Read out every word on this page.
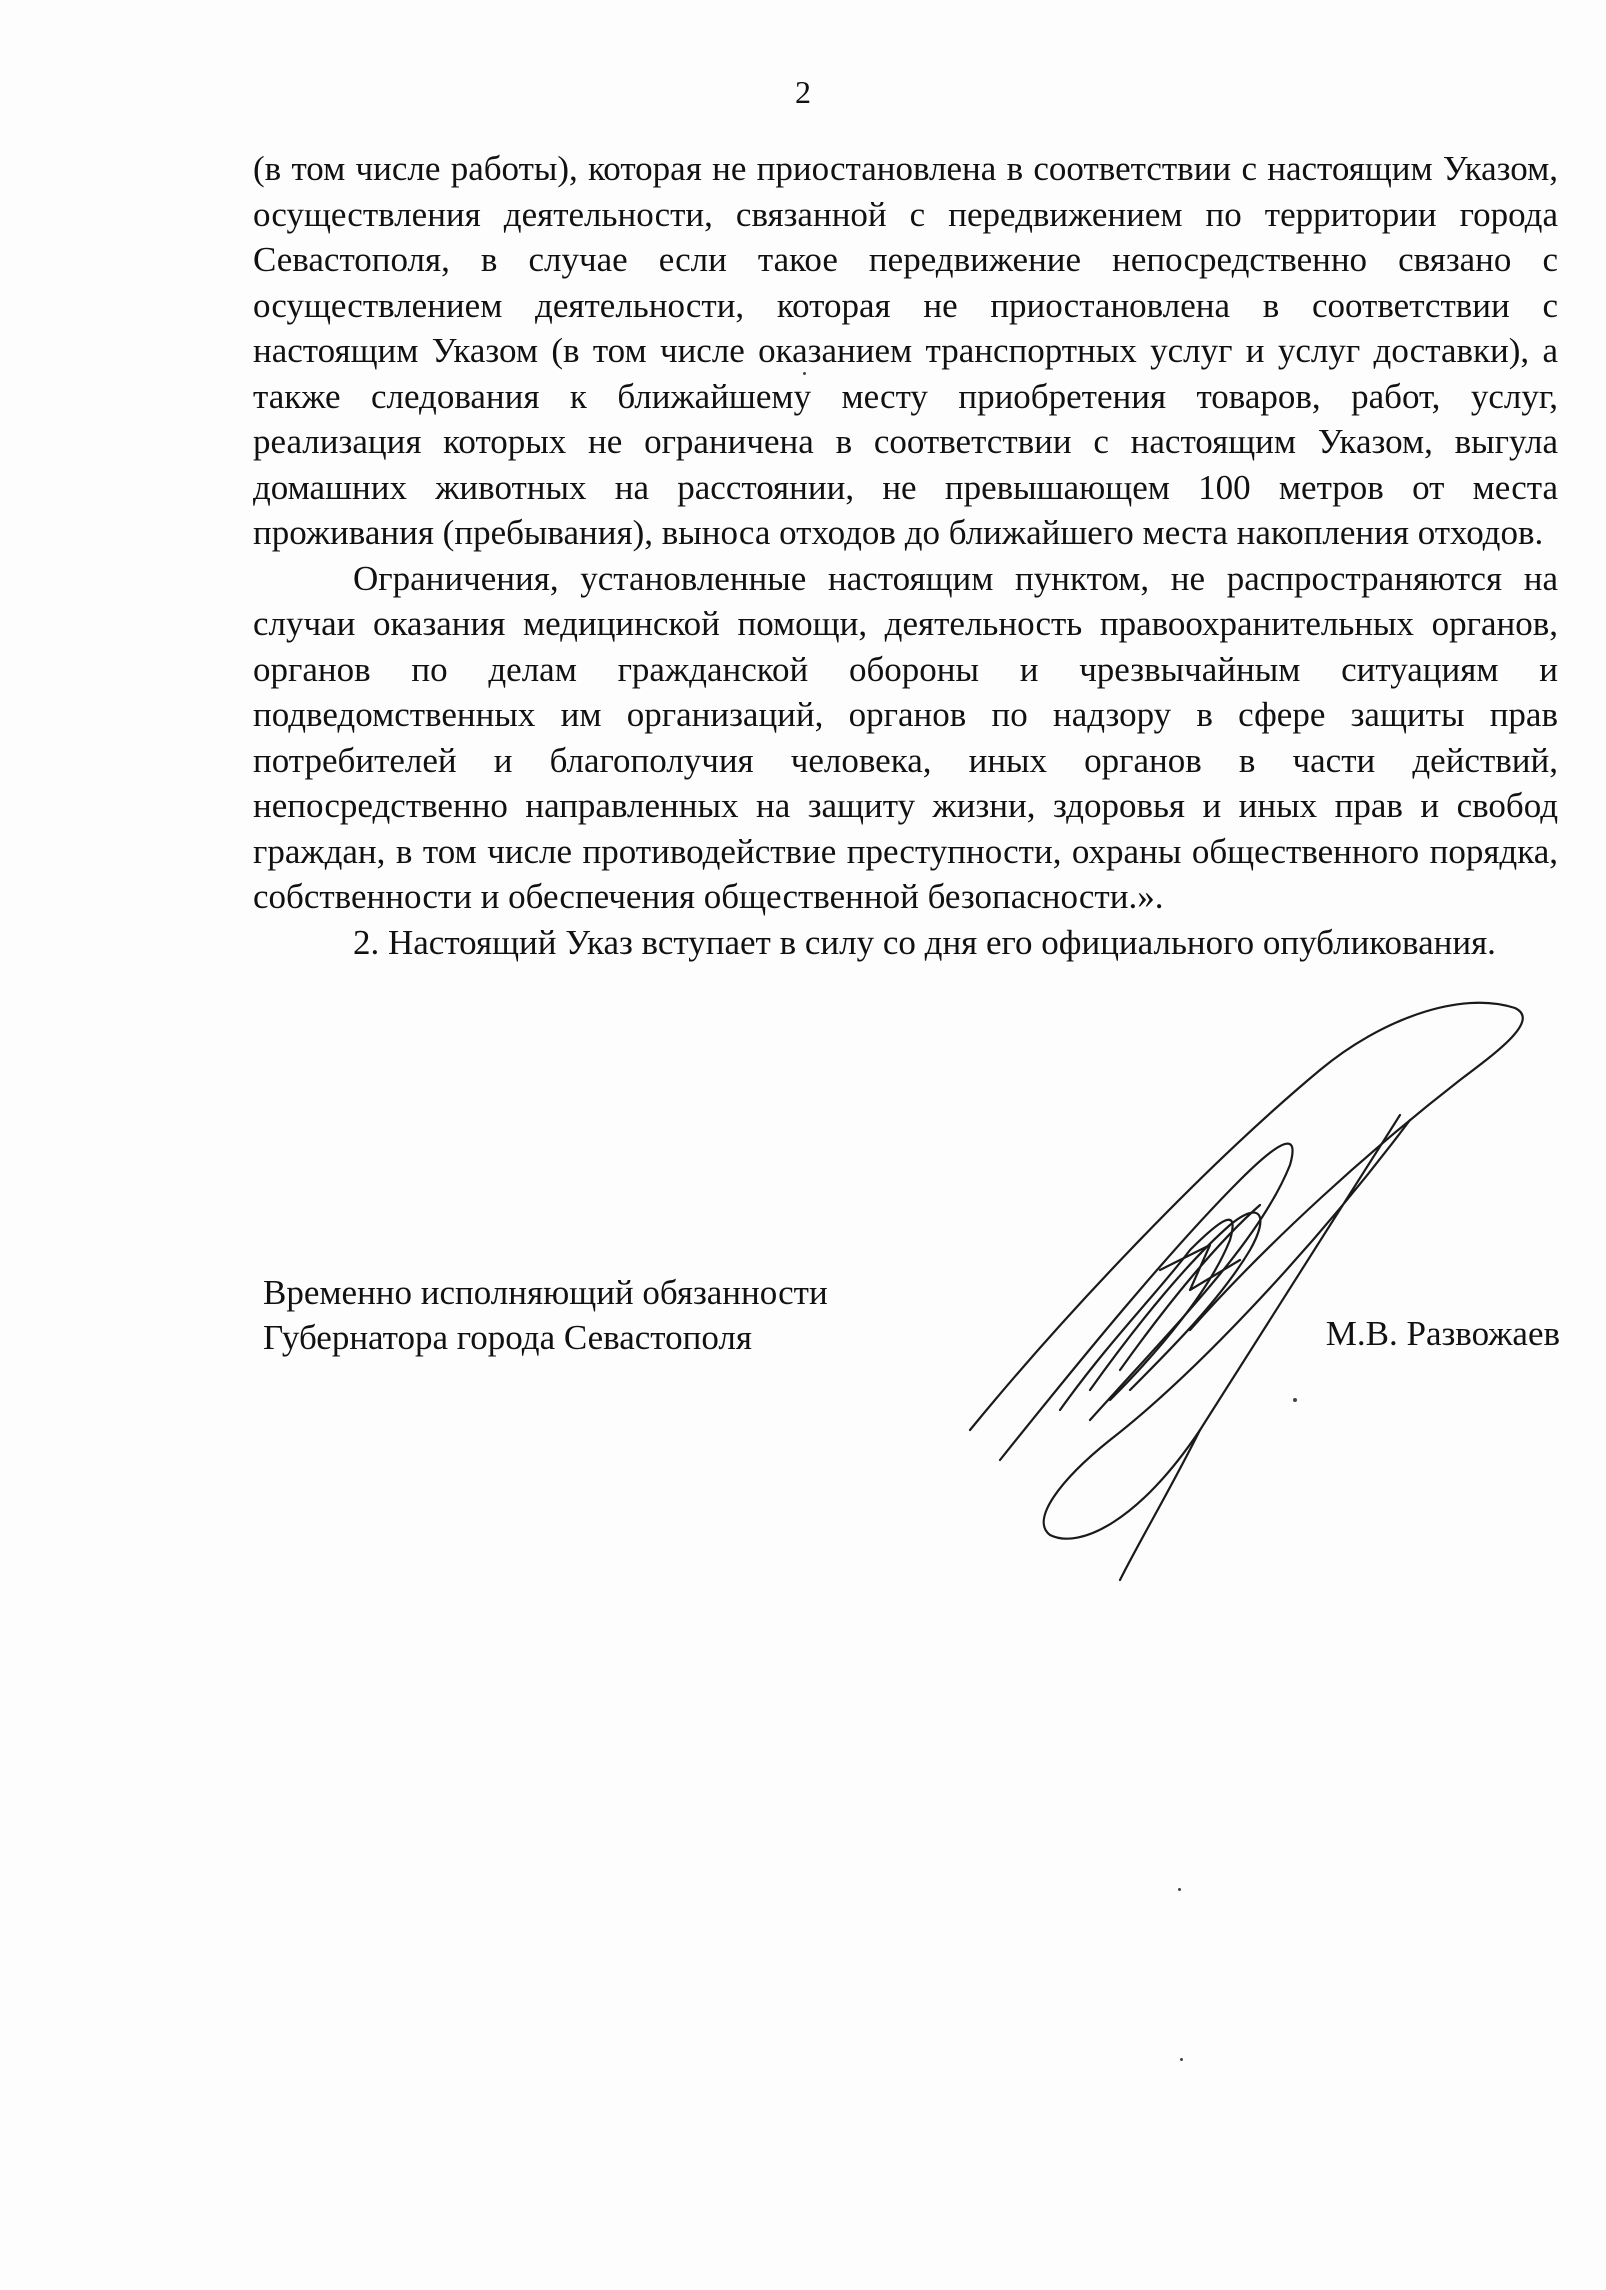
2

(в том числе работы), которая не приостановлена в соответствии с настоящим Указом, осуществления деятельности, связанной с передвижением по территории города Севастополя, в случае если такое передвижение непосредственно связано с осуществлением деятельности, которая не приостановлена в соответствии с настоящим Указом (в том числе оказанием транспортных услуг и услуг доставки), а также следования к ближайшему месту приобретения товаров, работ, услуг, реализация которых не ограничена в соответствии с настоящим Указом, выгула домашних животных на расстоянии, не превышающем 100 метров от места проживания (пребывания), выноса отходов до ближайшего места накопления отходов.

Ограничения, установленные настоящим пунктом, не распространяются на случаи оказания медицинской помощи, деятельность правоохранительных органов, органов по делам гражданской обороны и чрезвычайным ситуациям и подведомственных им организаций, органов по надзору в сфере защиты прав потребителей и благополучия человека, иных органов в части действий, непосредственно направленных на защиту жизни, здоровья и иных прав и свобод граждан, в том числе противодействие преступности, охраны общественного порядка, собственности и обеспечения общественной безопасности.».

2. Настоящий Указ вступает в силу со дня его официального опубликования.

Временно исполняющий обязанности
Губернатора города Севастополя	М.В. Развожаев
